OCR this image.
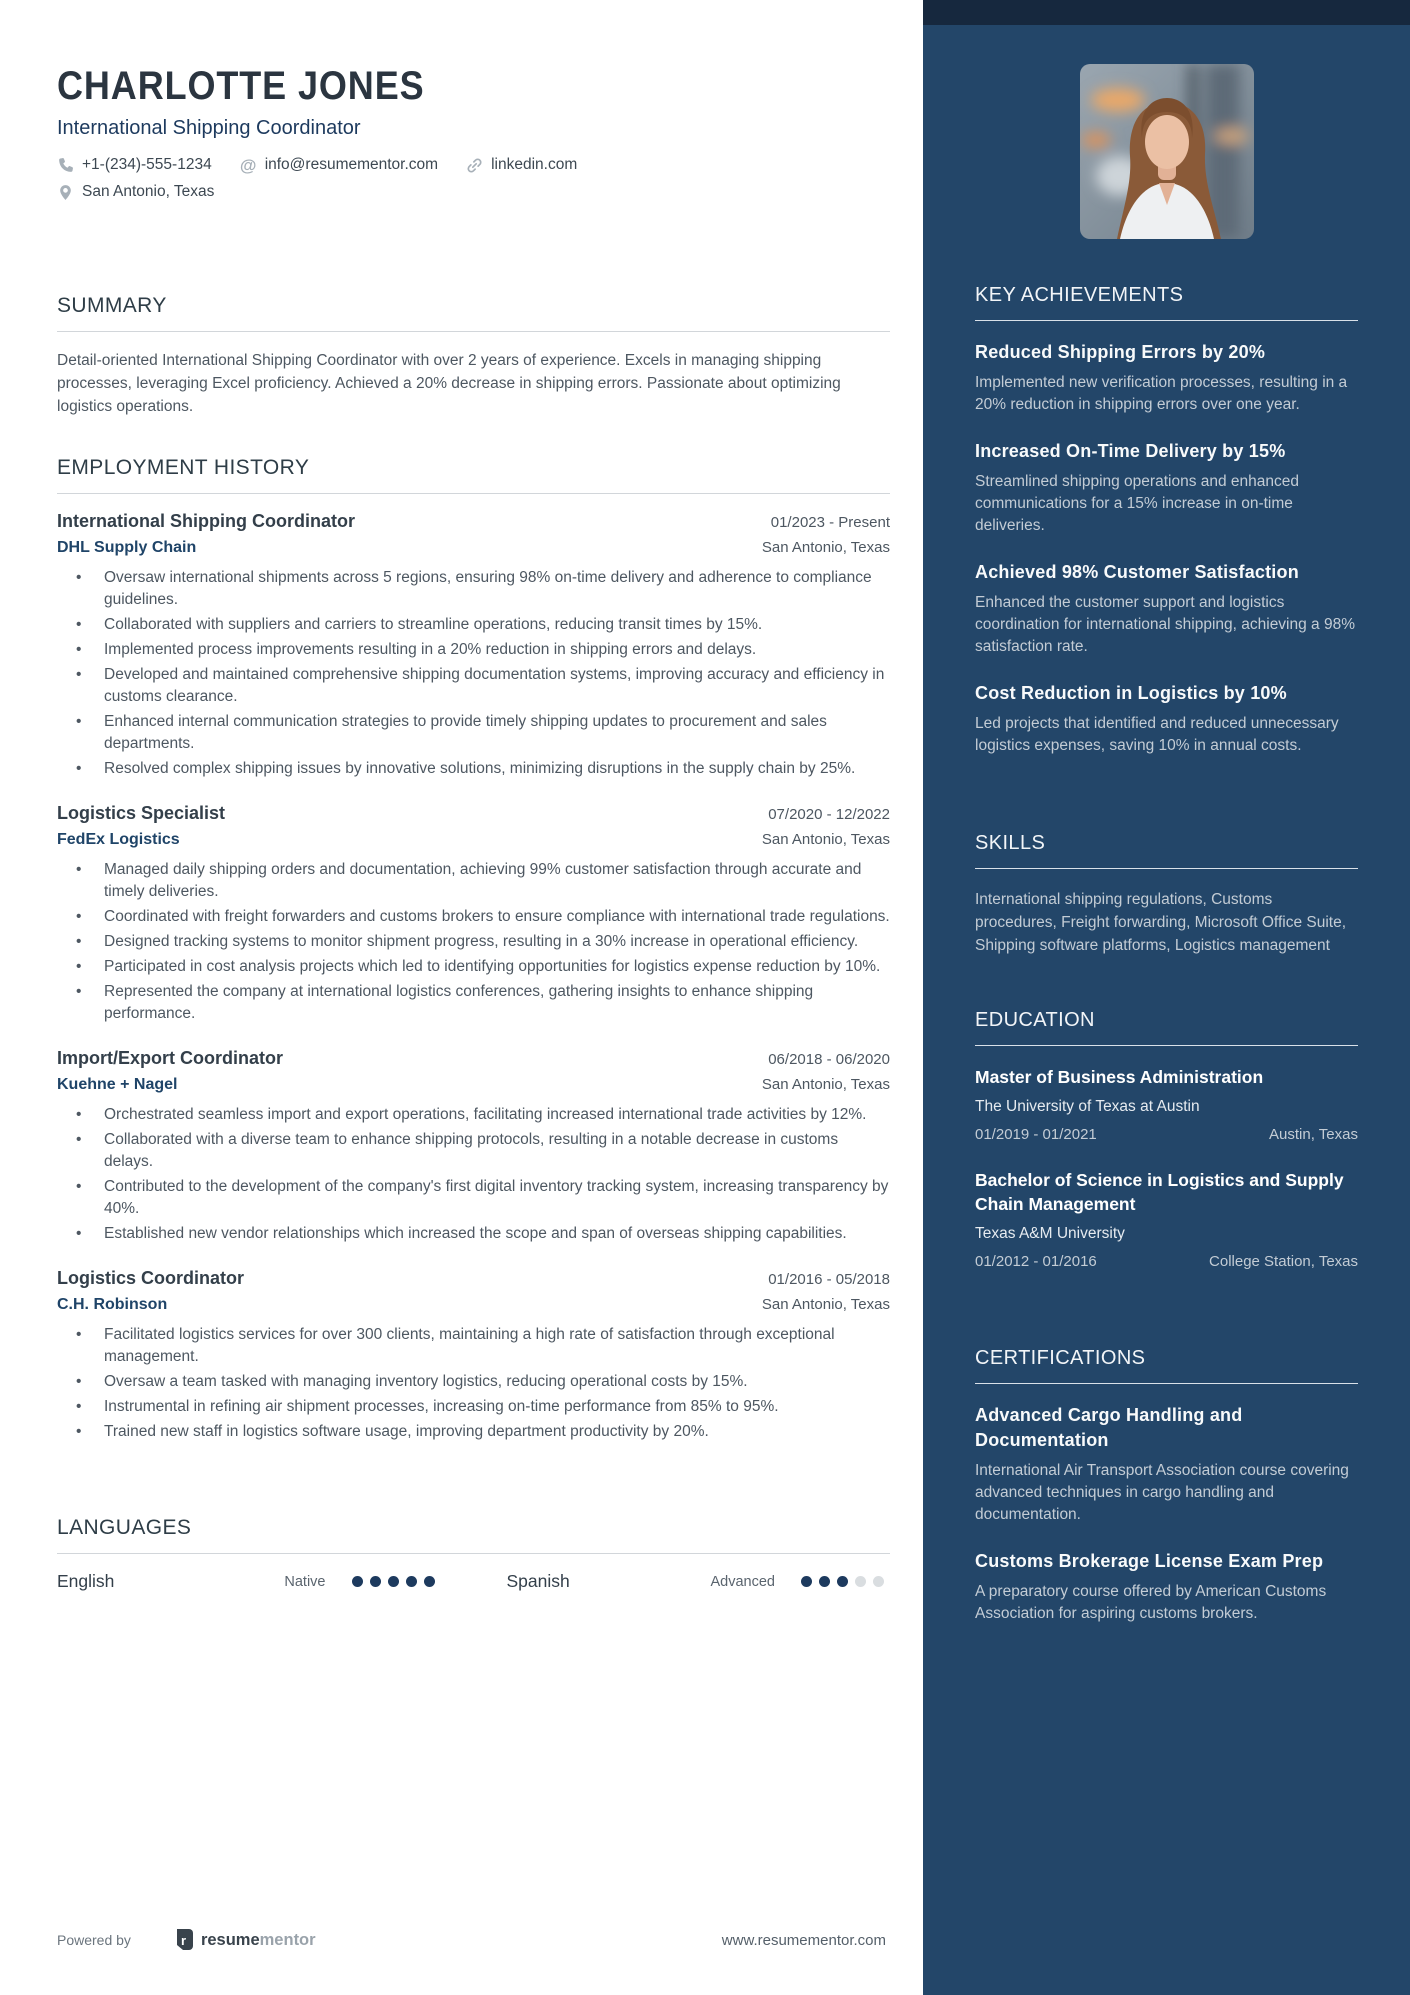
CHARLOTTE JONES
International Shipping Coordinator
+1-(234)-555-1234 @ info@resumementor.com	linkedin.com
San Antonio, Texas
SUMMARY

Detail-oriented International Shipping Coordinator with over 2 years of experience. Excels in managing shipping processes, leveraging Excel proficiency. Achieved a 20% decrease in shipping errors. Passionate about optimizing logistics operations.

EMPLOYMENT HISTORY
International Shipping Coordinator	01/2023 - Present
DHL Supply Chain	San Antonio, Texas
• Oversaw international shipments across 5 regions, ensuring 98% on-time delivery and adherence to compliance guidelines.
• Collaborated with suppliers and carriers to streamline operations, reducing transit times by 15%.
• Implemented process improvements resulting in a 20% reduction in shipping errors and delays.
• Developed and maintained comprehensive shipping documentation systems, improving accuracy and efficiency in customs clearance.
• Enhanced internal communication strategies to provide timely shipping updates to procurement and sales departments.
• Resolved complex shipping issues by innovative solutions, minimizing disruptions in the supply chain by 25%.
Logistics Specialist	07/2020 - 12/2022
FedEx Logistics	San Antonio, Texas
• Managed daily shipping orders and documentation, achieving 99% customer satisfaction through accurate and timely deliveries.
• Coordinated with freight forwarders and customs brokers to ensure compliance with international trade regulations.
• Designed tracking systems to monitor shipment progress, resulting in a 30% increase in operational efficiency.
• Participated in cost analysis projects which led to identifying opportunities for logistics expense reduction by 10%.
• Represented the company at international logistics conferences, gathering insights to enhance shipping performance.
Import/Export Coordinator	06/2018 - 06/2020
Kuehne + Nagel	San Antonio, Texas
• Orchestrated seamless import and export operations, facilitating increased international trade activities by 12%.
• Collaborated with a diverse team to enhance shipping protocols, resulting in a notable decrease in customs delays.
• Contributed to the development of the company's first digital inventory tracking system, increasing transparency by 40%.
• Established new vendor relationships which increased the scope and span of overseas shipping capabilities.
Logistics Coordinator	01/2016 - 05/2018
C.H. Robinson	San Antonio, Texas
• Facilitated logistics services for over 300 clients, maintaining a high rate of satisfaction through exceptional management.
• Oversaw a team tasked with managing inventory logistics, reducing operational costs by 15%.
• Instrumental in refining air shipment processes, increasing on-time performance from 85% to 95%.
• Trained new staff in logistics software usage, improving department productivity by 20%.
LANGUAGES
English	Native	Spanish	Advanced
Powered by	r resumementor	www.resumementor.com
KEY ACHIEVEMENTS
Reduced Shipping Errors by 20%
Implemented new verification processes, resulting in a 20% reduction in shipping errors over one year.
Increased On-Time Delivery by 15%
Streamlined shipping operations and enhanced communications for a 15% increase in on-time deliveries.
Achieved 98% Customer Satisfaction
Enhanced the customer support and logistics coordination for international shipping, achieving a 98% satisfaction rate.
Cost Reduction in Logistics by 10%
Led projects that identified and reduced unnecessary logistics expenses, saving 10% in annual costs.
SKILLS
International shipping regulations, Customs procedures, Freight forwarding, Microsoft Office Suite, Shipping software platforms, Logistics management
EDUCATION
Master of Business Administration
The University of Texas at Austin
01/2019 - 01/2021	Austin, Texas
Bachelor of Science in Logistics and Supply Chain Management
Texas A&M University
01/2012 - 01/2016	College Station, Texas
CERTIFICATIONS
Advanced Cargo Handling and Documentation
International Air Transport Association course covering advanced techniques in cargo handling and documentation.
Customs Brokerage License Exam Prep
A preparatory course offered by American Customs Association for aspiring customs brokers.
